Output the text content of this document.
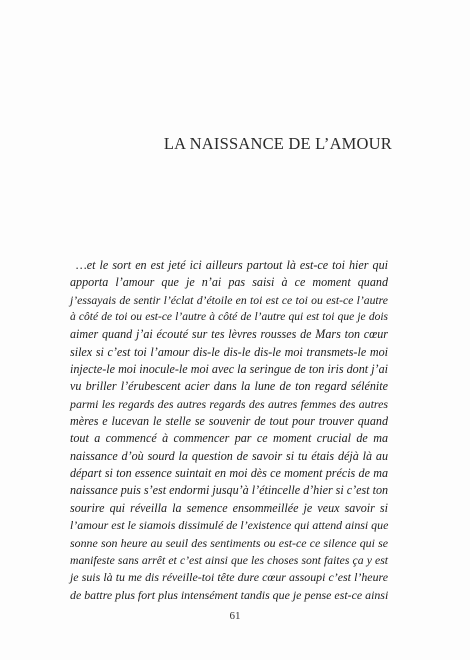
LA NAISSANCE DE L’AMOUR
…et le sort en est jeté ici ailleurs partout là est-ce toi hier qui
apporta l’amour que je n’ai pas saisi à ce moment quand
j’essayais de sentir l’éclat d’étoile en toi est ce toi ou est-ce l’autre
à côté de toi ou est-ce l’autre à côté de l’autre qui est toi que je dois
aimer quand j’ai écouté sur tes lèvres rousses de Mars ton cœur
silex si c’est toi l’amour dis-le dis-le dis-le moi transmets-le moi
injecte-le moi inocule-le moi avec la seringue de ton iris dont j’ai
vu briller l’érubescent acier dans la lune de ton regard sélénite
parmi les regards des autres regards des autres femmes des autres
mères e lucevan le stelle se souvenir de tout pour trouver quand
tout a commencé à commencer par ce moment crucial de ma
naissance d’où sourd la question de savoir si tu étais déjà là au
départ si ton essence suintait en moi dès ce moment précis de ma
naissance puis s’est endormi jusqu’à l’étincelle d’hier si c’est ton
sourire qui réveilla la semence ensommeillée je veux savoir si
l’amour est le siamois dissimulé de l’existence qui attend ainsi que
sonne son heure au seuil des sentiments ou est-ce ce silence qui se
manifeste sans arrêt et c’est ainsi que les choses sont faites ça y est
je suis là tu me dis réveille-toi tête dure cœur assoupi c’est l’heure
de battre plus fort plus intensément tandis que je pense est-ce ainsi
61
